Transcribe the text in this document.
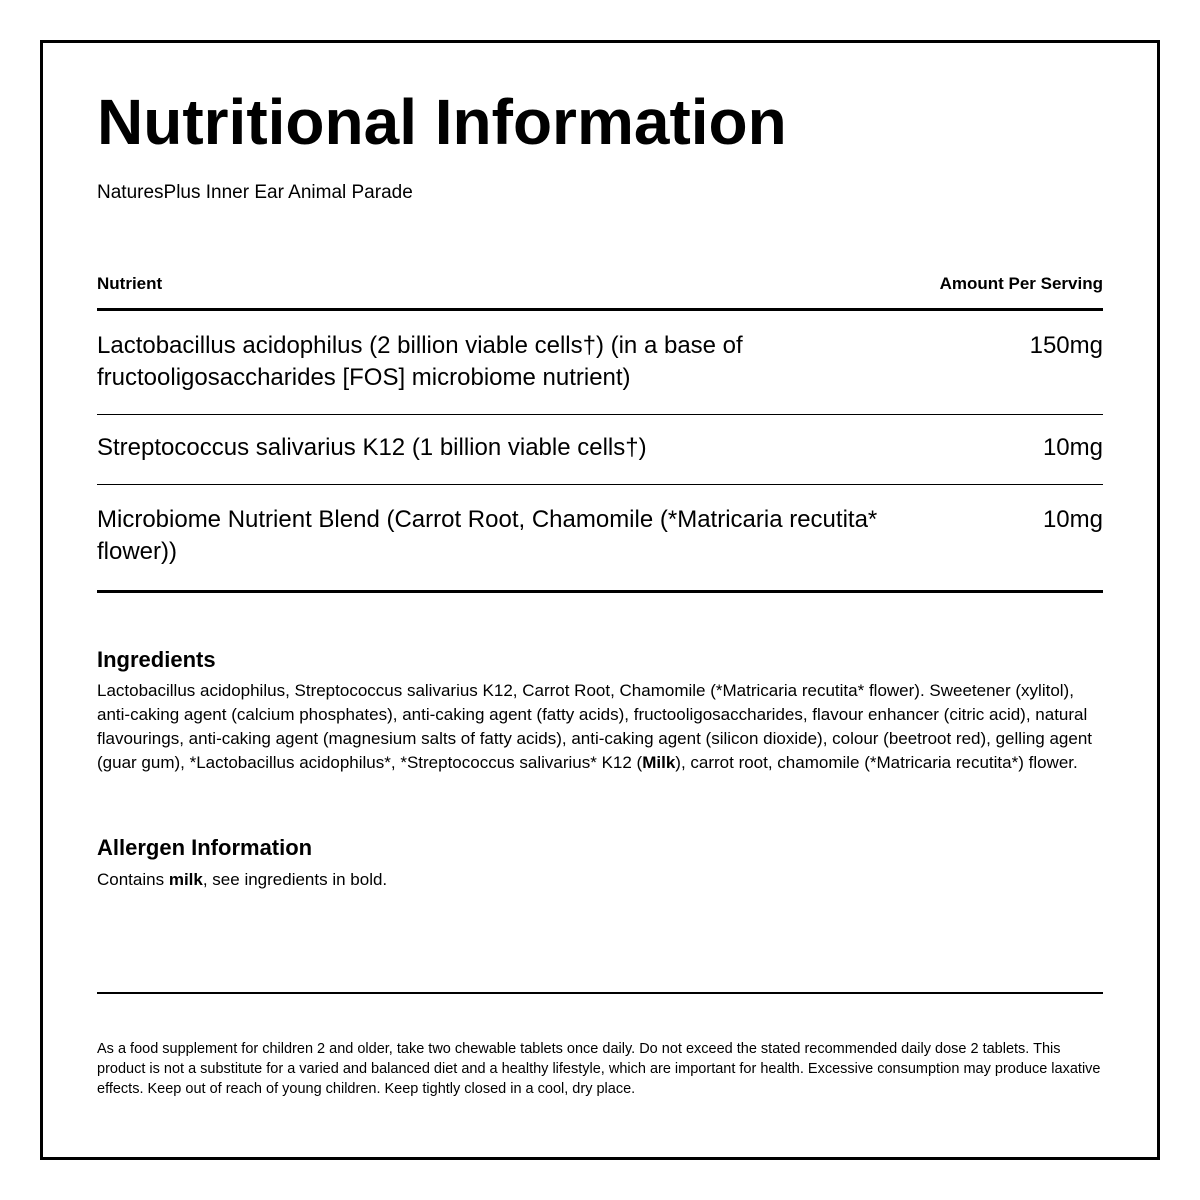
Nutritional Information
NaturesPlus Inner Ear Animal Parade
Nutrient	Amount Per Serving
Lactobacillus acidophilus (2 billion viable cells†) (in a base of fructooligosaccharides [FOS] microbiome nutrient)
150mg
Streptococcus salivarius K12 (1 billion viable cells†)	10mg
Microbiome Nutrient Blend (Carrot Root, Chamomile (*Matricaria recutita* flower))
10mg
Ingredients
Lactobacillus acidophilus, Streptococcus salivarius K12, Carrot Root, Chamomile (*Matricaria recutita* flower). Sweetener (xylitol), anti-caking agent (calcium phosphates), anti-caking agent (fatty acids), fructooligosaccharides, flavour enhancer (citric acid), natural flavourings, anti-caking agent (magnesium salts of fatty acids), anti-caking agent (silicon dioxide), colour (beetroot red), gelling agent (guar gum), *Lactobacillus acidophilus*, *Streptococcus salivarius* K12 (Milk), carrot root, chamomile (*Matricaria recutita*) flower.
Allergen Information
Contains milk, see ingredients in bold.
As a food supplement for children 2 and older, take two chewable tablets once daily. Do not exceed the stated recommended daily dose 2 tablets. This product is not a substitute for a varied and balanced diet and a healthy lifestyle, which are important for health. Excessive consumption may produce laxative effects. Keep out of reach of young children. Keep tightly closed in a cool, dry place.
